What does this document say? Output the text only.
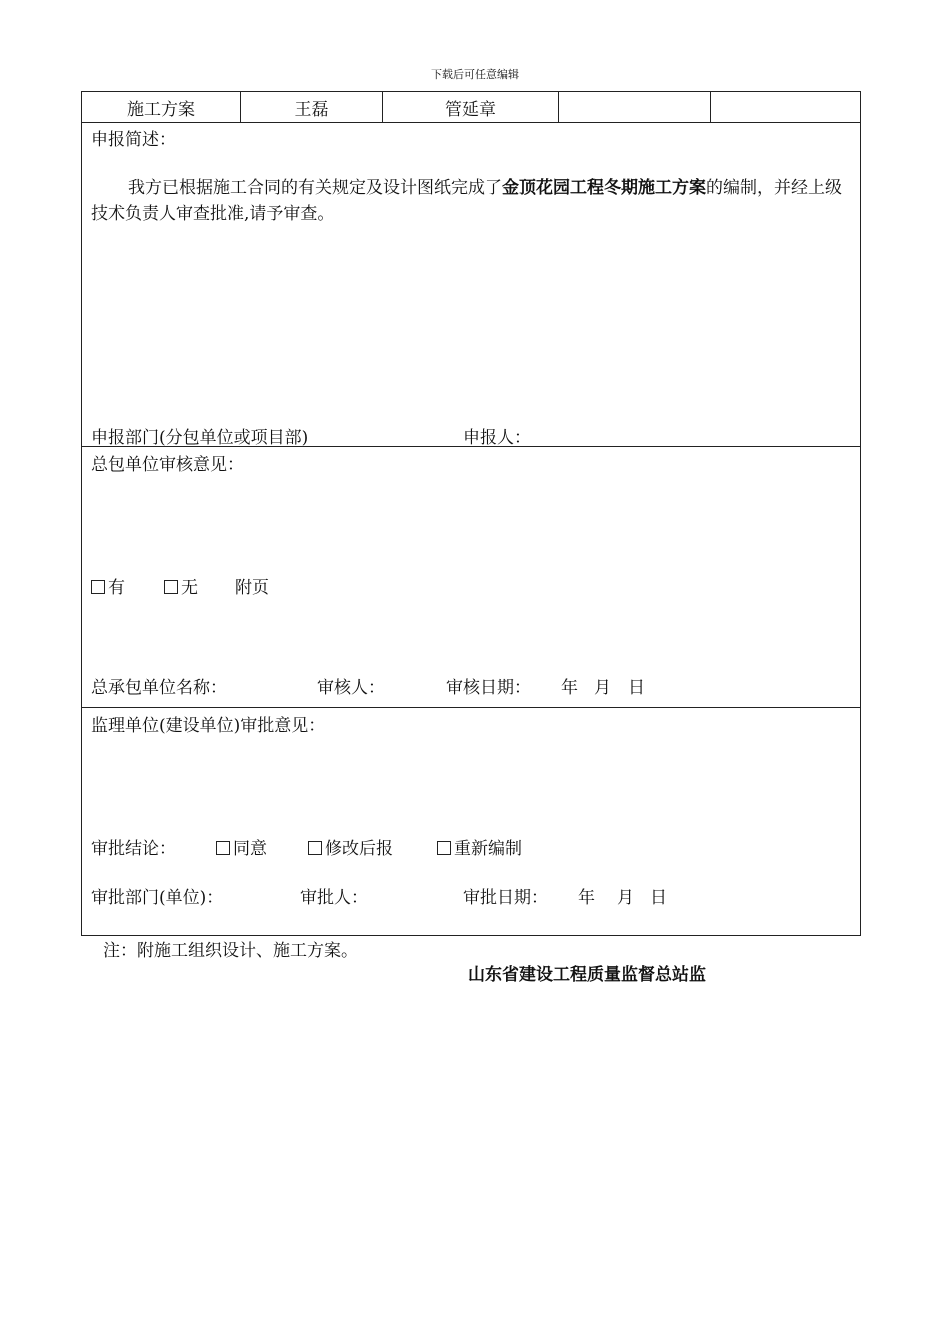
下载后可任意编辑
施工方案	王磊	管延章
申报简述：
我方已根据施工合同的有关规定及设计图纸完成了金顶花园工程冬期施工方案的编制，并经上级技术负责人审查批准,请予审查。
申报部门(分包单位或项目部)	申报人：
总包单位审核意见：
有	无 附页
总承包单位名称：	审核人：	审核日期： 年 月 日
监理单位(建设单位)审批意见：
审批结论：	同意	修改后报	重新编制
审批部门(单位)：	审批人：	审批日期： 年 月 日
注：附施工组织设计、施工方案。
山东省建设工程质量监督总站监
